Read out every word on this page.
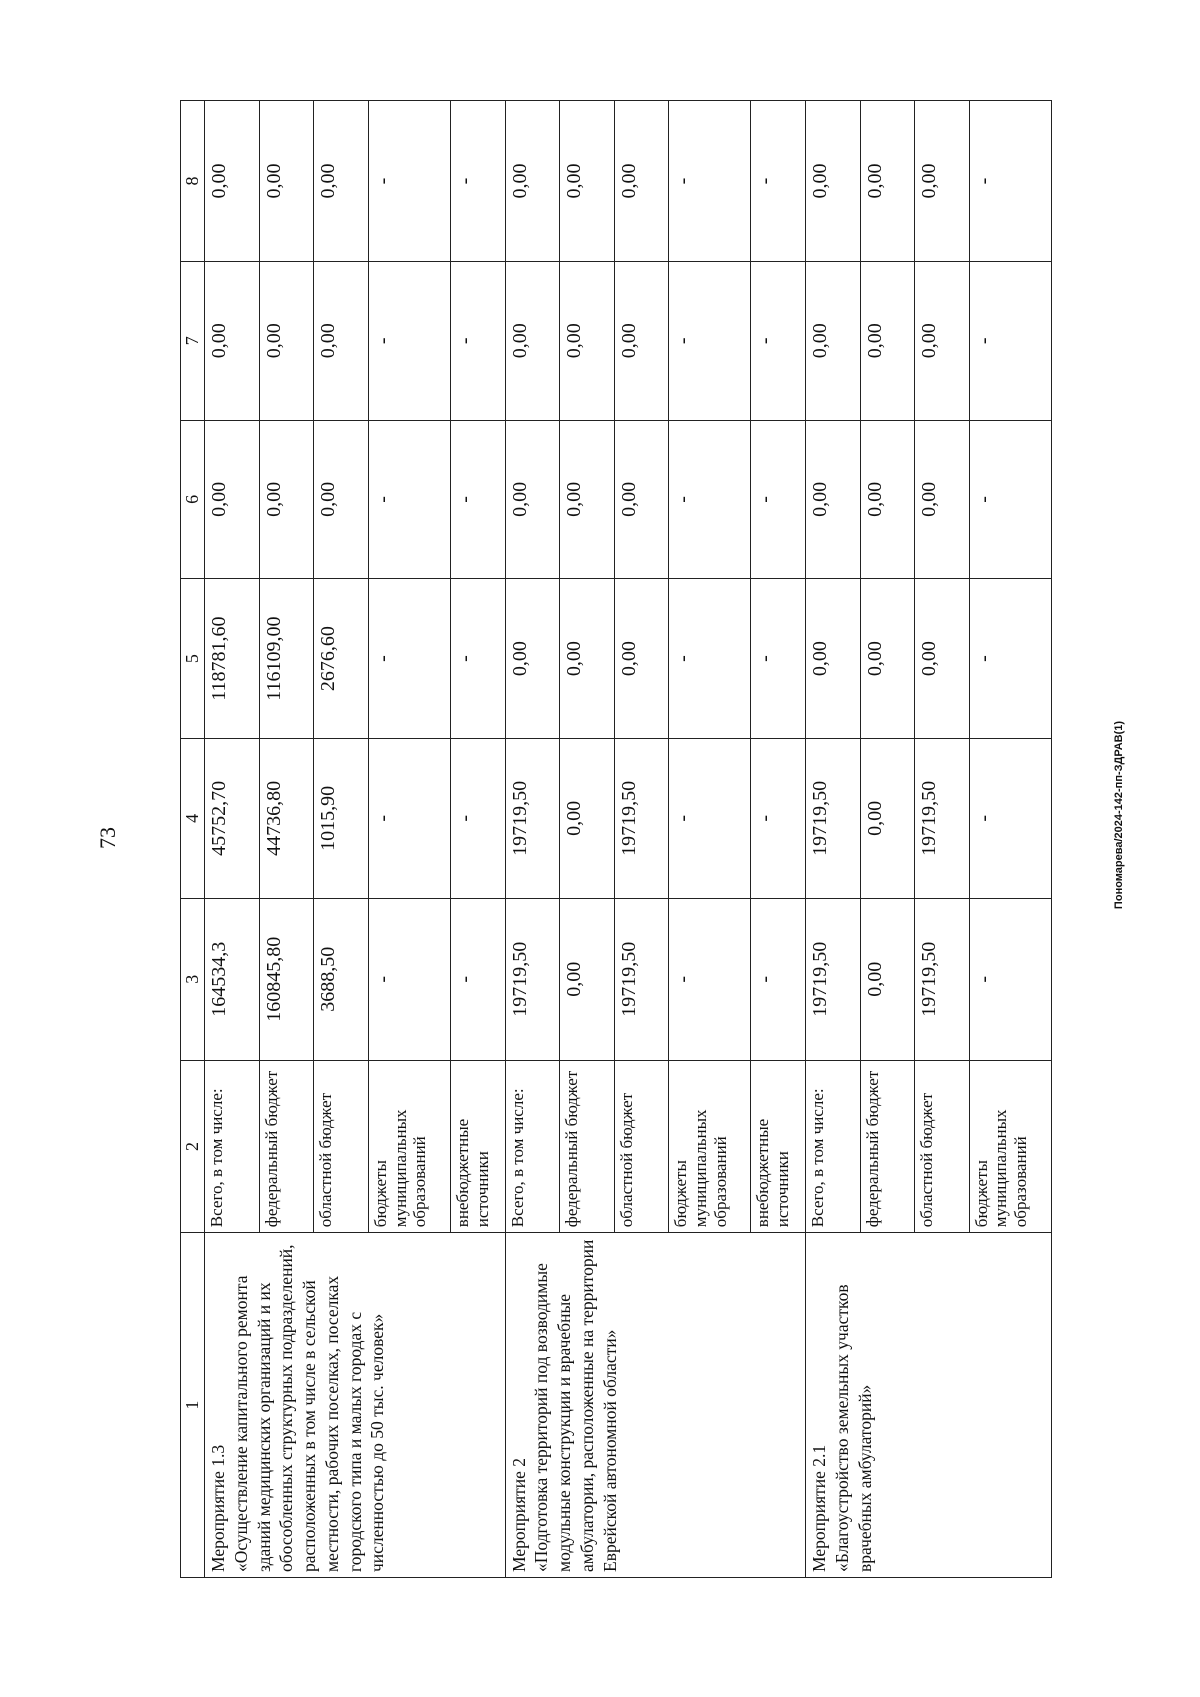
73	Пономарева/2024-142-пп-ЗДРАВ(1)
1	2	3	4	5	6	7	8

Мероприятие 1.3 «Осуществление капитального ремонта зданий медицинских организаций и их обособленных структурных подразделений, расположенных в том числе в сельской местности, рабочих поселках, поселках городского типа и малых городах с численностью до 50 тыс. человек»	Всего, в том числе:	164534,3	45752,70	118781,60	0,00	0,00	0,00
	федеральный бюджет	160845,80	44736,80	116109,00	0,00	0,00	0,00
	областной бюджет	3688,50	1015,90	2676,60	0,00	0,00	0,00
	бюджеты муниципальных образований	-	-	-	-	-	-
	внебюджетные источники	-	-	-	-	-	-

Мероприятие 2 «Подготовка территорий под возводимые модульные конструкции и врачебные амбулатории, расположенные на территории Еврейской автономной области»	Всего, в том числе:	19719,50	19719,50	0,00	0,00	0,00	0,00
	федеральный бюджет	0,00	0,00	0,00	0,00	0,00	0,00
	областной бюджет	19719,50	19719,50	0,00	0,00	0,00	0,00
	бюджеты муниципальных образований	-	-	-	-	-	-
	внебюджетные источники	-	-	-	-	-	-

Мероприятие 2.1 «Благоустройство земельных участков врачебных амбулаторий»	Всего, в том числе:	19719,50	19719,50	0,00	0,00	0,00	0,00
	федеральный бюджет	0,00	0,00	0,00	0,00	0,00	0,00
	областной бюджет	19719,50	19719,50	0,00	0,00	0,00	0,00
	бюджеты муниципальных образований	-	-	-	-	-	-
